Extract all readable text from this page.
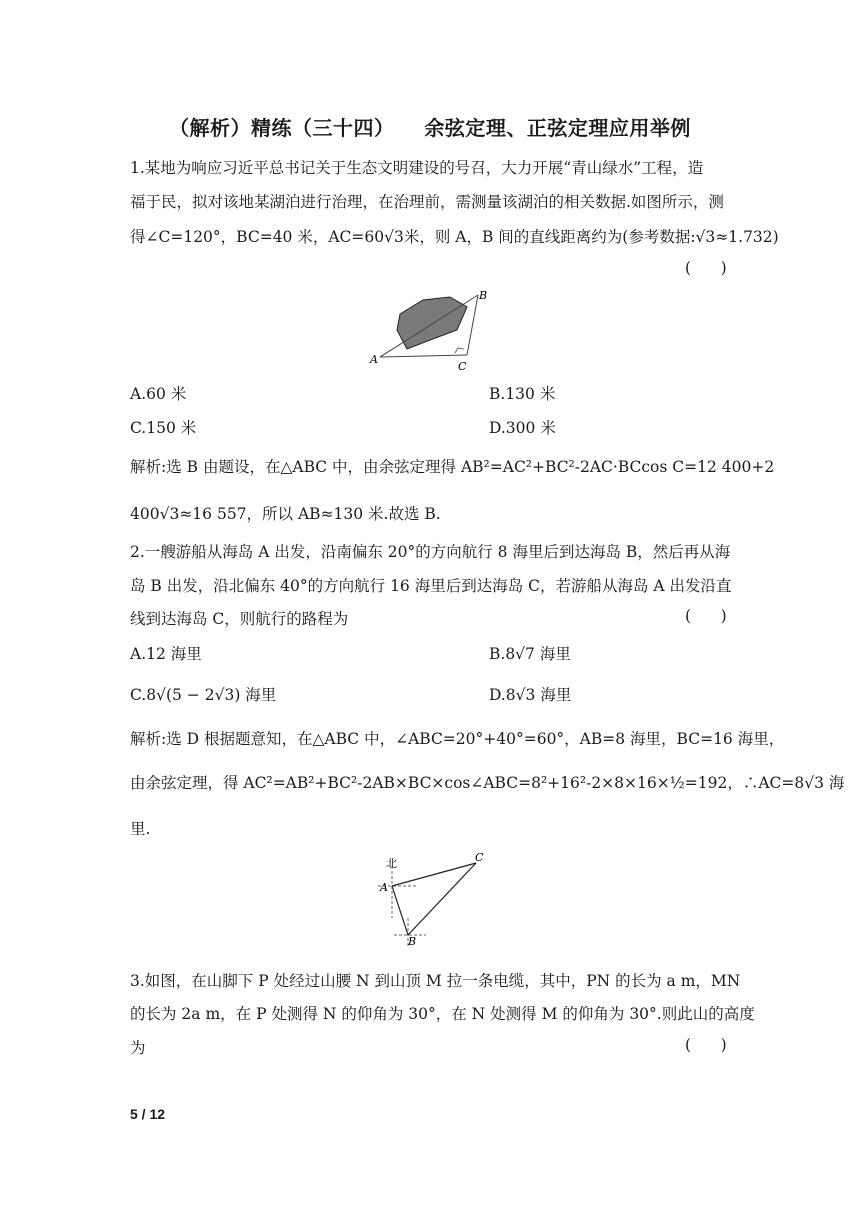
（解析）精练（三十四）    余弦定理、正弦定理应用举例
1.某地为响应习近平总书记关于生态文明建设的号召，大力开展“青山绿水”工程，造
福于民，拟对该地某湖泊进行治理，在治理前，需测量该湖泊的相关数据.如图所示，测
得∠C=120°，BC=40 米，AC=60√3米，则 A，B 间的直线距离约为(参考数据:√3≈1.732)
(      )
A
B
C
A.60 米	B.130 米
C.150 米	D.300 米
解析:选 B 由题设，在△ABC 中，由余弦定理得 AB²=AC²+BC²-2AC·BCcos C=12 400+2
400√3≈16 557，所以 AB≈130 米.故选 B.
2.一艘游船从海岛 A 出发，沿南偏东 20°的方向航行 8 海里后到达海岛 B，然后再从海
岛 B 出发，沿北偏东 40°的方向航行 16 海里后到达海岛 C，若游船从海岛 A 出发沿直
线到达海岛 C，则航行的路程为	(      )
A.12 海里	B.8√7 海里
C.8√(5 − 2√3) 海里	D.8√3 海里
解析:选 D 根据题意知，在△ABC 中，∠ABC=20°+40°=60°，AB=8 海里，BC=16 海里，
由余弦定理，得 AC²=AB²+BC²-2AB×BC×cos∠ABC=8²+16²-2×8×16×½=192，∴AC=8√3 海
里.
北
A
B
C
3.如图，在山脚下 P 处经过山腰 N 到山顶 M 拉一条电缆，其中，PN 的长为 a m，MN
的长为 2a m，在 P 处测得 N 的仰角为 30°，在 N 处测得 M 的仰角为 30°.则此山的高度
为	(      )
5 / 12
